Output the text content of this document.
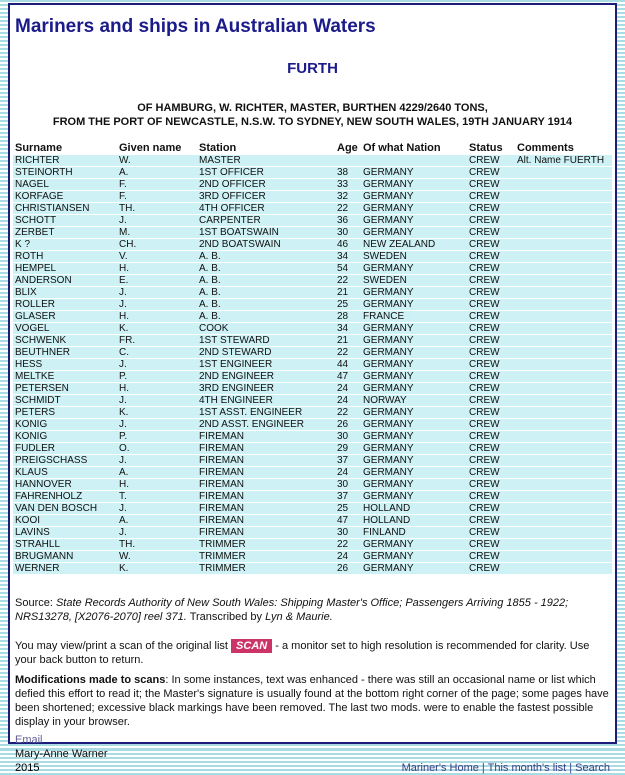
Mariners and ships in Australian Waters
FURTH
OF HAMBURG, W. RICHTER, MASTER, BURTHEN 4229/2640 TONS,
FROM THE PORT OF NEWCASTLE, N.S.W. TO SYDNEY, NEW SOUTH WALES, 19TH JANUARY 1914
Surname	Given name	Station	Age	Of what Nation	Status	Comments
RICHTER	W.	MASTER			CREW	Alt. Name FUERTH
STEINORTH	A.	1ST OFFICER	38	GERMANY	CREW	
NAGEL	F.	2ND OFFICER	33	GERMANY	CREW	
KORFAGE	F.	3RD OFFICER	32	GERMANY	CREW	
CHRISTIANSEN	TH.	4TH OFFICER	22	GERMANY	CREW	
SCHOTT	J.	CARPENTER	36	GERMANY	CREW	
ZERBET	M.	1ST BOATSWAIN	30	GERMANY	CREW	
K ?	CH.	2ND BOATSWAIN	46	NEW ZEALAND	CREW	
ROTH	V.	A. B.	34	SWEDEN	CREW	
HEMPEL	H.	A. B.	54	GERMANY	CREW	
ANDERSON	E.	A. B.	22	SWEDEN	CREW	
BLIX	J.	A. B.	21	GERMANY	CREW	
ROLLER	J.	A. B.	25	GERMANY	CREW	
GLASER	H.	A. B.	28	FRANCE	CREW	
VOGEL	K.	COOK	34	GERMANY	CREW	
SCHWENK	FR.	1ST STEWARD	21	GERMANY	CREW	
BEUTHNER	C.	2ND STEWARD	22	GERMANY	CREW	
HESS	J.	1ST ENGINEER	44	GERMANY	CREW	
MELTKE	P.	2ND ENGINEER	47	GERMANY	CREW	
PETERSEN	H.	3RD ENGINEER	24	GERMANY	CREW	
SCHMIDT	J.	4TH ENGINEER	24	NORWAY	CREW	
PETERS	K.	1ST ASST. ENGINEER	22	GERMANY	CREW	
KONIG	J.	2ND ASST. ENGINEER	26	GERMANY	CREW	
KONIG	P.	FIREMAN	30	GERMANY	CREW	
FUDLER	O.	FIREMAN	29	GERMANY	CREW	
PREIGSCHASS	J.	FIREMAN	37	GERMANY	CREW	
KLAUS	A.	FIREMAN	24	GERMANY	CREW	
HANNOVER	H.	FIREMAN	30	GERMANY	CREW	
FAHRENHOLZ	T.	FIREMAN	37	GERMANY	CREW	
VAN DEN BOSCH	J.	FIREMAN	25	HOLLAND	CREW	
KOOI	A.	FIREMAN	47	HOLLAND	CREW	
LAVINS	J.	FIREMAN	30	FINLAND	CREW	
STRAHLL	TH.	TRIMMER	22	GERMANY	CREW	
BRUGMANN	W.	TRIMMER	24	GERMANY	CREW	
WERNER	K.	TRIMMER	26	GERMANY	CREW	

Source: State Records Authority of New South Wales: Shipping Master's Office; Passengers Arriving 1855 - 1922; NRS13278, [X2076-2070] reel 371. Transcribed by Lyn & Maurie.

You may view/print a scan of the original list SCAN - a monitor set to high resolution is recommended for clarity. Use your back button to return.

Modifications made to scans: In some instances, text was enhanced - there was still an occasional name or list which defied this effort to read it; the Master's signature is usually found at the bottom right corner of the page; some pages have been shortened; excessive black markings have been removed. The last two mods. were to enable the fastest possible display in your browser.

Email
Mary-Anne Warner
2015	Mariner's Home | This month's list | Search
